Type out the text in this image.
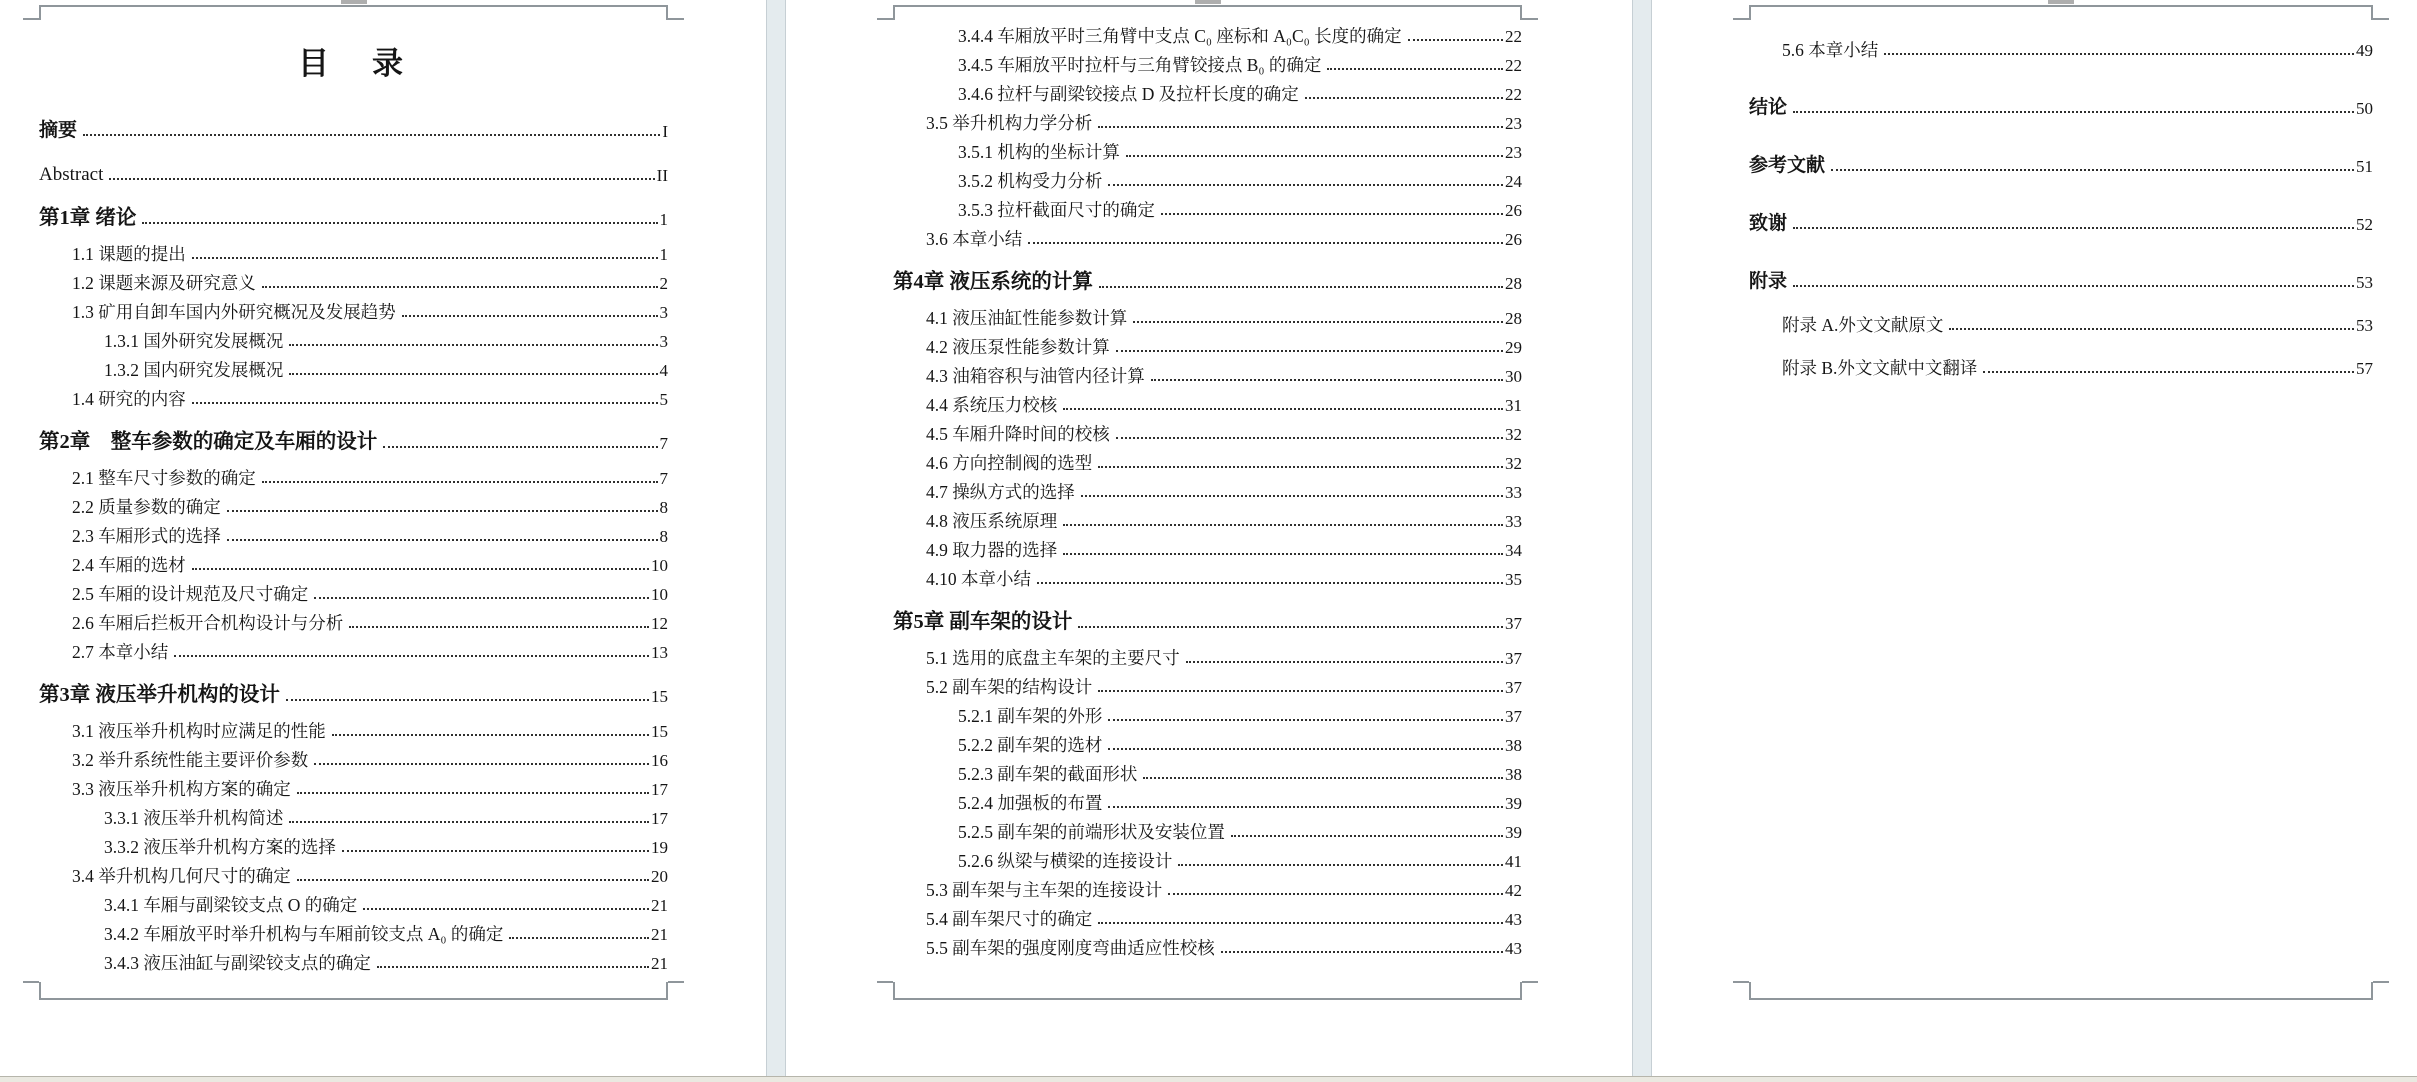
目　录
摘要	I
Abstract	II
第1章 绪论	1
1.1 课题的提出	1
1.2 课题来源及研究意义	2
1.3 矿用自卸车国内外研究概况及发展趋势	3
1.3.1 国外研究发展概况	3
1.3.2 国内研究发展概况	4
1.4 研究的内容	5
第2章　整车参数的确定及车厢的设计	7
2.1 整车尺寸参数的确定	7
2.2 质量参数的确定	8
2.3 车厢形式的选择	8
2.4 车厢的选材	10
2.5 车厢的设计规范及尺寸确定	10
2.6 车厢后拦板开合机构设计与分析	12
2.7 本章小结	13
第3章 液压举升机构的设计	15
3.1 液压举升机构时应满足的性能	15
3.2 举升系统性能主要评价参数	16
3.3 液压举升机构方案的确定	17
3.3.1 液压举升机构简述	17
3.3.2 液压举升机构方案的选择	19
3.4 举升机构几何尺寸的确定	20
3.4.1 车厢与副梁铰支点 O 的确定	21
3.4.2 车厢放平时举升机构与车厢前铰支点 A₀ 的确定	21
3.4.3 液压油缸与副梁铰支点的确定	21
3.4.4 车厢放平时三角臂中支点 C₀ 座标和 A₀C₀ 长度的确定	22
3.4.5 车厢放平时拉杆与三角臂铰接点 B₀ 的确定	22
3.4.6 拉杆与副梁铰接点 D 及拉杆长度的确定	22
3.5 举升机构力学分析	23
3.5.1 机构的坐标计算	23
3.5.2 机构受力分析	24
3.5.3 拉杆截面尺寸的确定	26
3.6 本章小结	26
第4章 液压系统的计算	28
4.1 液压油缸性能参数计算	28
4.2 液压泵性能参数计算	29
4.3 油箱容积与油管内径计算	30
4.4 系统压力校核	31
4.5 车厢升降时间的校核	32
4.6 方向控制阀的选型	32
4.7 操纵方式的选择	33
4.8 液压系统原理	33
4.9 取力器的选择	34
4.10 本章小结	35
第5章 副车架的设计	37
5.1 选用的底盘主车架的主要尺寸	37
5.2 副车架的结构设计	37
5.2.1 副车架的外形	37
5.2.2 副车架的选材	38
5.2.3 副车架的截面形状	38
5.2.4 加强板的布置	39
5.2.5 副车架的前端形状及安装位置	39
5.2.6 纵梁与横梁的连接设计	41
5.3 副车架与主车架的连接设计	42
5.4 副车架尺寸的确定	43
5.5 副车架的强度刚度弯曲适应性校核	43
5.6 本章小结	49
结论	50
参考文献	51
致谢	52
附录	53
附录 A.外文文献原文	53
附录 B.外文文献中文翻译	57
